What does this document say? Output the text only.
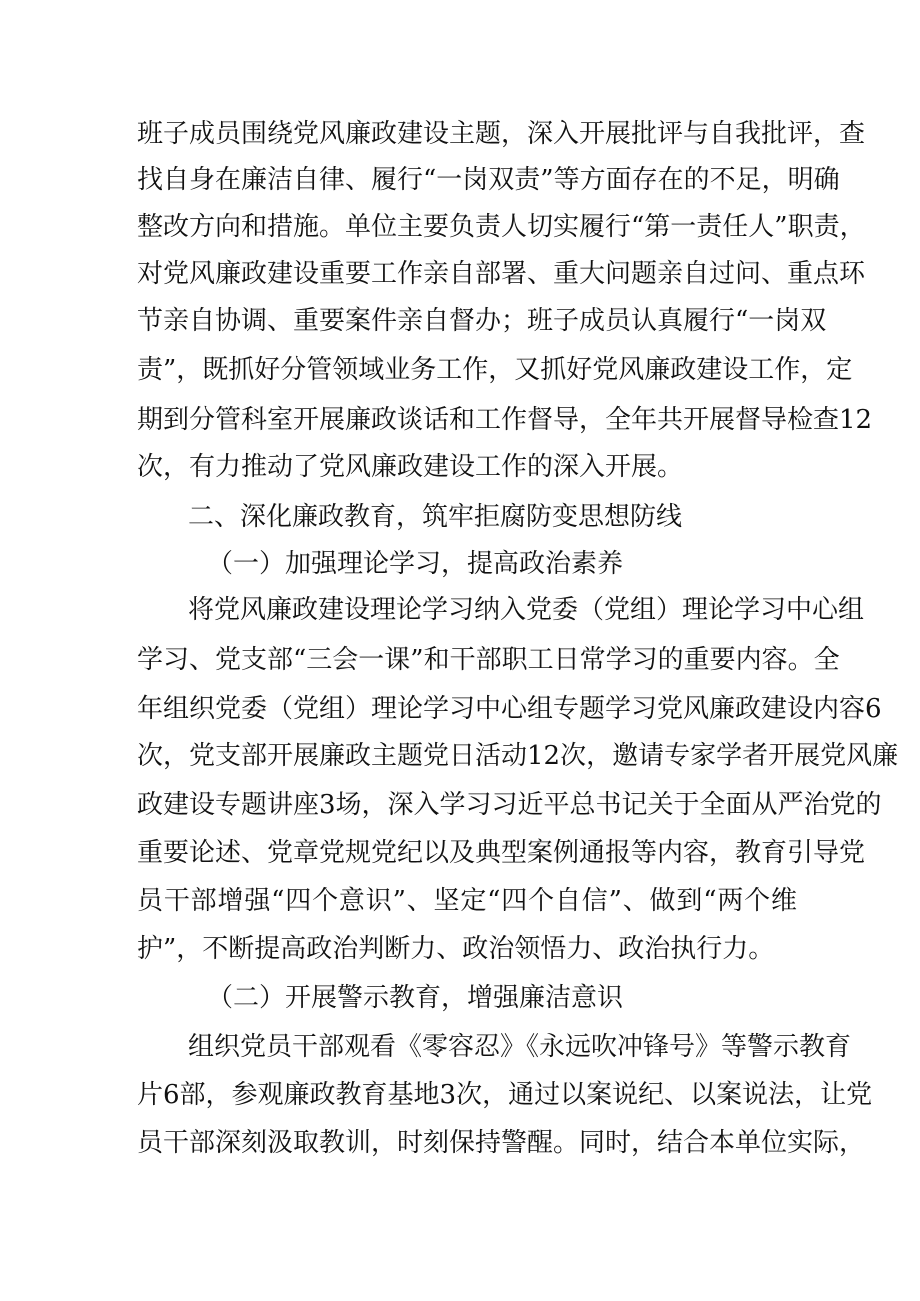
班子成员围绕党风廉政建设主题，深入开展批评与自我批评，查
找自身在廉洁自律、履行“一岗双责”等方面存在的不足，明确
整改方向和措施。单位主要负责人切实履行“第一责任人”职责，
对党风廉政建设重要工作亲自部署、重大问题亲自过问、重点环
节亲自协调、重要案件亲自督办；班子成员认真履行“一岗双
责”，既抓好分管领域业务工作，又抓好党风廉政建设工作，定
期到分管科室开展廉政谈话和工作督导，全年共开展督导检查12
次，有力推动了党风廉政建设工作的深入开展。
二、深化廉政教育，筑牢拒腐防变思想防线
（一）加强理论学习，提高政治素养
将党风廉政建设理论学习纳入党委（党组）理论学习中心组
学习、党支部“三会一课”和干部职工日常学习的重要内容。全
年组织党委（党组）理论学习中心组专题学习党风廉政建设内容6
次，党支部开展廉政主题党日活动12次，邀请专家学者开展党风廉
政建设专题讲座3场，深入学习习近平总书记关于全面从严治党的
重要论述、党章党规党纪以及典型案例通报等内容，教育引导党
员干部增强“四个意识”、坚定“四个自信”、做到“两个维
护”，不断提高政治判断力、政治领悟力、政治执行力。
（二）开展警示教育，增强廉洁意识
组织党员干部观看《零容忍》《永远吹冲锋号》等警示教育
片6部，参观廉政教育基地3次，通过以案说纪、以案说法，让党
员干部深刻汲取教训，时刻保持警醒。同时，结合本单位实际，
